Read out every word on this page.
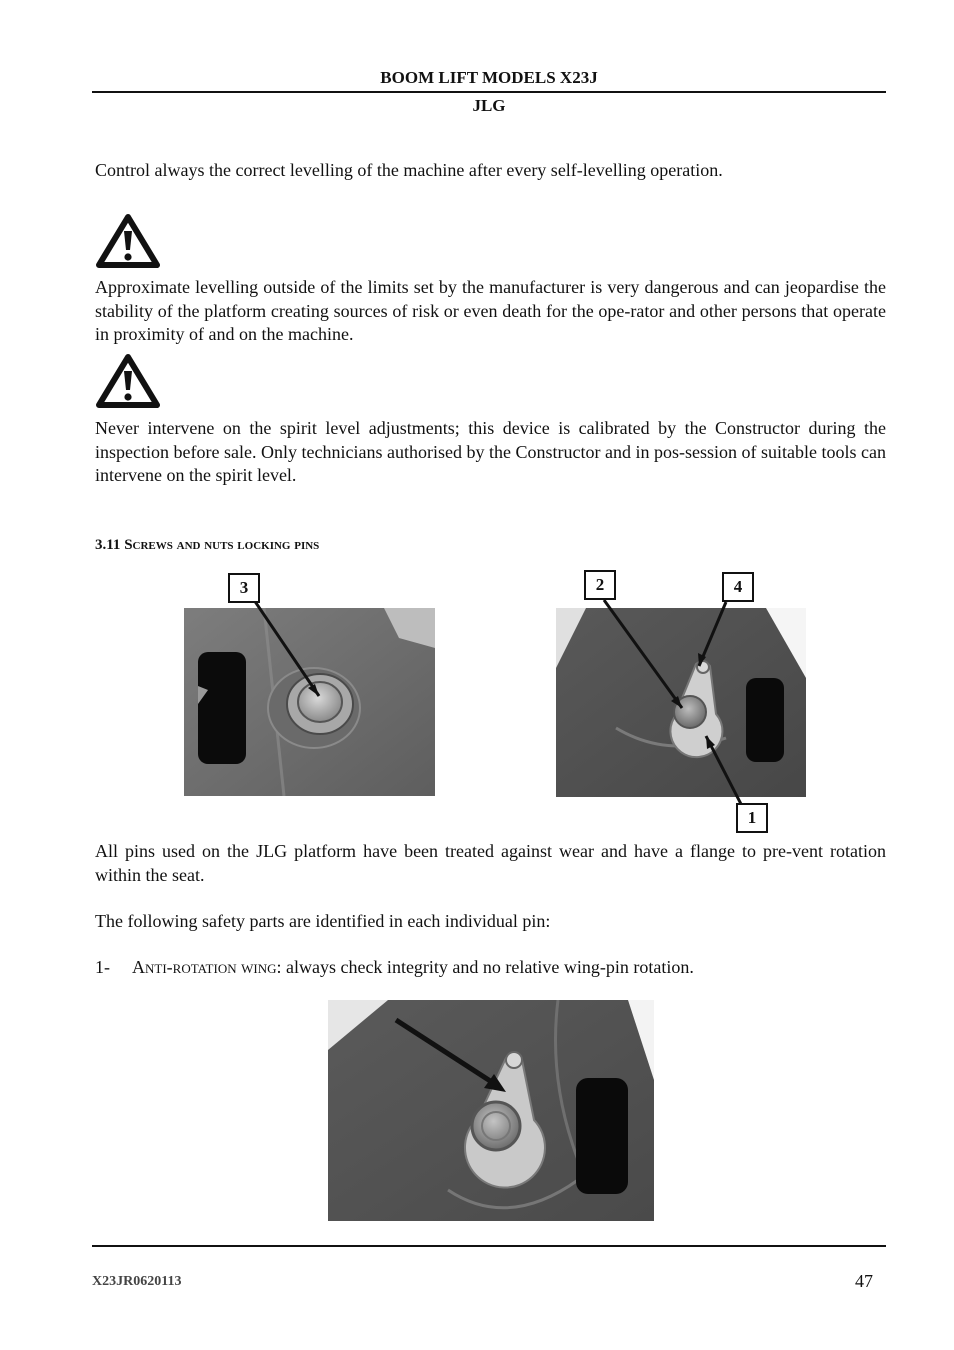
BOOM LIFT MODELS X23J
JLG
Control always the correct levelling of the machine after every self-levelling operation.
Approximate levelling outside of the limits set by the manufacturer is very dangerous and can jeopardise the stability of the platform creating sources of risk or even death for the ope-rator and other persons that operate in proximity of and on the machine.
Never intervene on the spirit level adjustments; this device is calibrated by the Constructor during the inspection before sale. Only technicians authorised by the Constructor and in pos-session of suitable tools can intervene on the spirit level.
3.11 Screws and nuts locking pins
3	2	4
1
All pins used on the JLG platform have been treated against wear and have a flange to pre-vent rotation within the seat.
The following safety parts are identified in each individual pin:
1- Anti-rotation wing: always check integrity and no relative wing-pin rotation.
X23JR0620113	47
